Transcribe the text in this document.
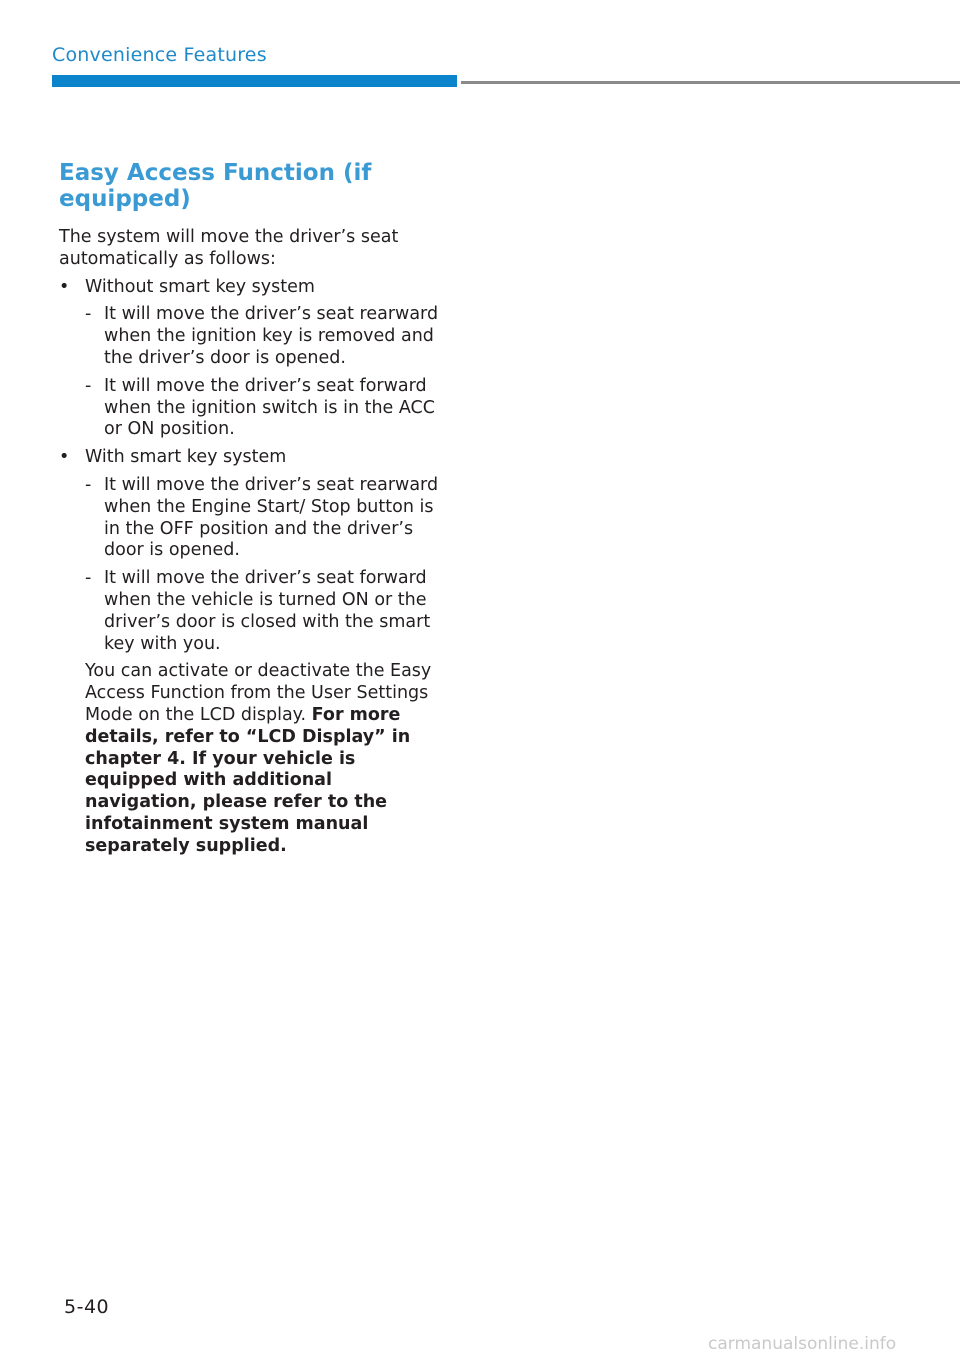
Convenience Features
Easy Access Function (if equipped)

The system will move the driver’s seat automatically as follows:

• Without smart key system
- It will move the driver’s seat rearward when the ignition key is removed and the driver’s door is opened.
- It will move the driver’s seat forward when the ignition switch is in the ACC or ON position.
• With smart key system
- It will move the driver’s seat rearward when the Engine Start/ Stop button is in the OFF position and the driver’s door is opened.
- It will move the driver’s seat forward when the vehicle is turned ON or the driver’s door is closed with the smart key with you.

You can activate or deactivate the Easy Access Function from the User Settings Mode on the LCD display. For more details, refer to “LCD Display” in chapter 4. If your vehicle is equipped with additional navigation, please refer to the infotainment system manual separately supplied.

5-40
carmanualsonline.info
